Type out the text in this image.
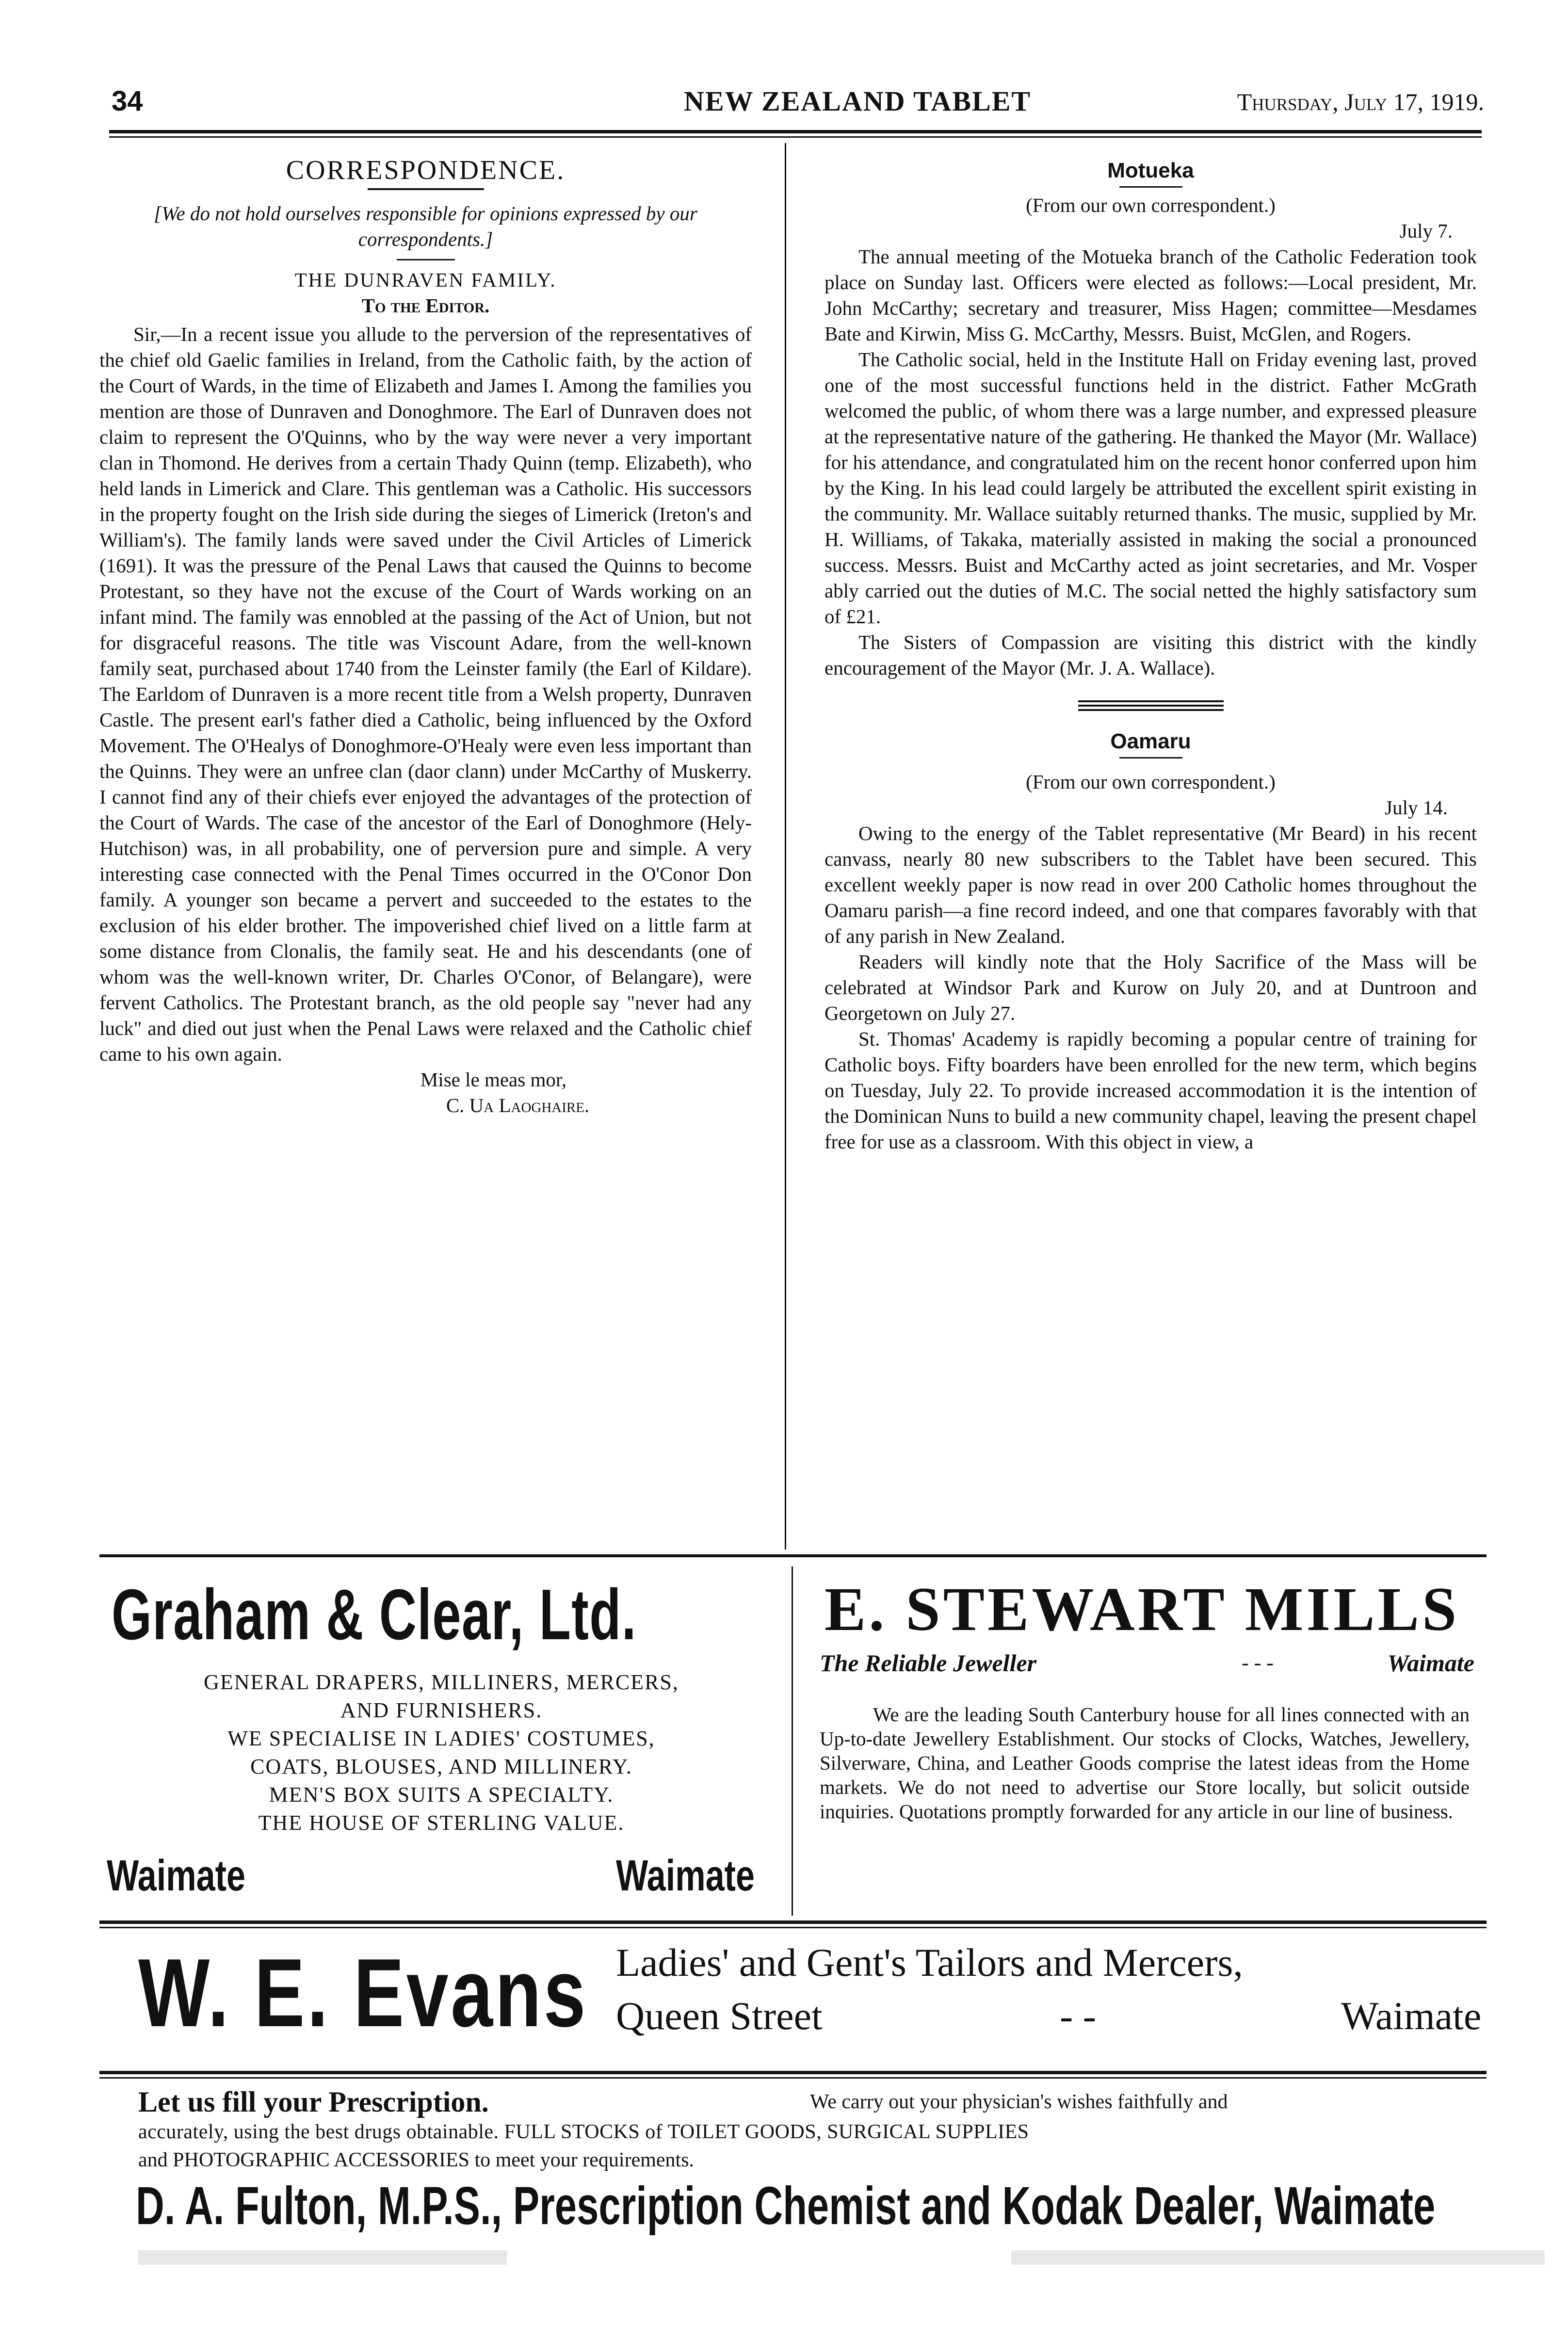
34	NEW ZEALAND TABLET	Thursday, July 17, 1919.
CORRESPONDENCE.
[We do not hold ourselves responsible for opinions expressed by our correspondents.]
THE DUNRAVEN FAMILY.
To the Editor.

Sir,—In a recent issue you allude to the perversion of the representatives of the chief old Gaelic families in Ireland, from the Catholic faith, by the action of the Court of Wards, in the time of Elizabeth and James I. Among the families you mention are those of Dunraven and Donoghmore. The Earl of Dunraven does not claim to represent the O'Quinns, who by the way were never a very important clan in Thomond. He derives from a certain Thady Quinn (temp. Elizabeth), who held lands in Limerick and Clare. This gentleman was a Catholic. His successors in the property fought on the Irish side during the sieges of Limerick (Ireton's and William's). The family lands were saved under the Civil Articles of Limerick (1691). It was the pressure of the Penal Laws that caused the Quinns to become Protestant, so they have not the excuse of the Court of Wards working on an infant mind. The family was ennobled at the passing of the Act of Union, but not for disgraceful reasons. The title was Viscount Adare, from the well-known family seat, purchased about 1740 from the Leinster family (the Earl of Kildare). The Earldom of Dunraven is a more recent title from a Welsh property, Dunraven Castle. The present earl's father died a Catholic, being influenced by the Oxford Movement. The O'Healys of Donoghmore-O'Healy were even less important than the Quinns. They were an unfree clan (daor clann) under McCarthy of Muskerry. I cannot find any of their chiefs ever enjoyed the advantages of the protection of the Court of Wards. The case of the ancestor of the Earl of Donoghmore (Hely-Hutchison) was, in all probability, one of perversion pure and simple. A very interesting case connected with the Penal Times occurred in the O'Conor Don family. A younger son became a pervert and succeeded to the estates to the exclusion of his elder brother. The impoverished chief lived on a little farm at some distance from Clonalis, the family seat. He and his descendants (one of whom was the well-known writer, Dr. Charles O'Conor, of Belangare), were fervent Catholics. The Protestant branch, as the old people say "never had any luck" and died out just when the Penal Laws were relaxed and the Catholic chief came to his own again.

Mise le meas mor,
C. Ua Laoghaire.
Motueka
(From our own correspondent.)
July 7.

The annual meeting of the Motueka branch of the Catholic Federation took place on Sunday last. Officers were elected as follows:—Local president, Mr. John McCarthy; secretary and treasurer, Miss Hagen; committee—Mesdames Bate and Kirwin, Miss G. McCarthy, Messrs. Buist, McGlen, and Rogers.

The Catholic social, held in the Institute Hall on Friday evening last, proved one of the most successful functions held in the district. Father McGrath welcomed the public, of whom there was a large number, and expressed pleasure at the representative nature of the gathering. He thanked the Mayor (Mr. Wallace) for his attendance, and congratulated him on the recent honor conferred upon him by the King. In his lead could largely be attributed the excellent spirit existing in the community. Mr. Wallace suitably returned thanks. The music, supplied by Mr. H. Williams, of Takaka, materially assisted in making the social a pronounced success. Messrs. Buist and McCarthy acted as joint secretaries, and Mr. Vosper ably carried out the duties of M.C. The social netted the highly satisfactory sum of £21.

The Sisters of Compassion are visiting this district with the kindly encouragement of the Mayor (Mr. J. A. Wallace).

Oamaru
(From our own correspondent.)
July 14.

Owing to the energy of the Tablet representative (Mr Beard) in his recent canvass, nearly 80 new subscribers to the Tablet have been secured. This excellent weekly paper is now read in over 200 Catholic homes throughout the Oamaru parish—a fine record indeed, and one that compares favorably with that of any parish in New Zealand.

Readers will kindly note that the Holy Sacrifice of the Mass will be celebrated at Windsor Park and Kurow on July 20, and at Duntroon and Georgetown on July 27.

St. Thomas' Academy is rapidly becoming a popular centre of training for Catholic boys. Fifty boarders have been enrolled for the new term, which begins on Tuesday, July 22. To provide increased accommodation it is the intention of the Dominican Nuns to build a new community chapel, leaving the present chapel free for use as a classroom. With this object in view, a

Graham & Clear, Ltd.
GENERAL DRAPERS, MILLINERS, MERCERS,
AND FURNISHERS.
WE SPECIALISE IN LADIES' COSTUMES,
COATS, BLOUSES, AND MILLINERY.
MEN'S BOX SUITS A SPECIALTY.
THE HOUSE OF STERLING VALUE.
Waimate	Waimate
E. STEWART MILLS
The Reliable Jeweller	- - -	Waimate
We are the leading South Canterbury house for all lines connected with an Up-to-date Jewellery Establishment. Our stocks of Clocks, Watches, Jewellery, Silverware, China, and Leather Goods comprise the latest ideas from the Home markets. We do not need to advertise our Store locally, but solicit outside inquiries. Quotations promptly forwarded for any article in our line of business.
W. E. Evans Ladies' and Gent's Tailors and Mercers,
Queen Street	- -	Waimate
Let us fill your Prescription.	We carry out your physician's wishes faithfully and
accurately, using the best drugs obtainable. FULL STOCKS of TOILET GOODS, SURGICAL SUPPLIES
and PHOTOGRAPHIC ACCESSORIES to meet your requirements.
D. A. Fulton, M.P.S., Prescription Chemist and Kodak Dealer, Waimate
